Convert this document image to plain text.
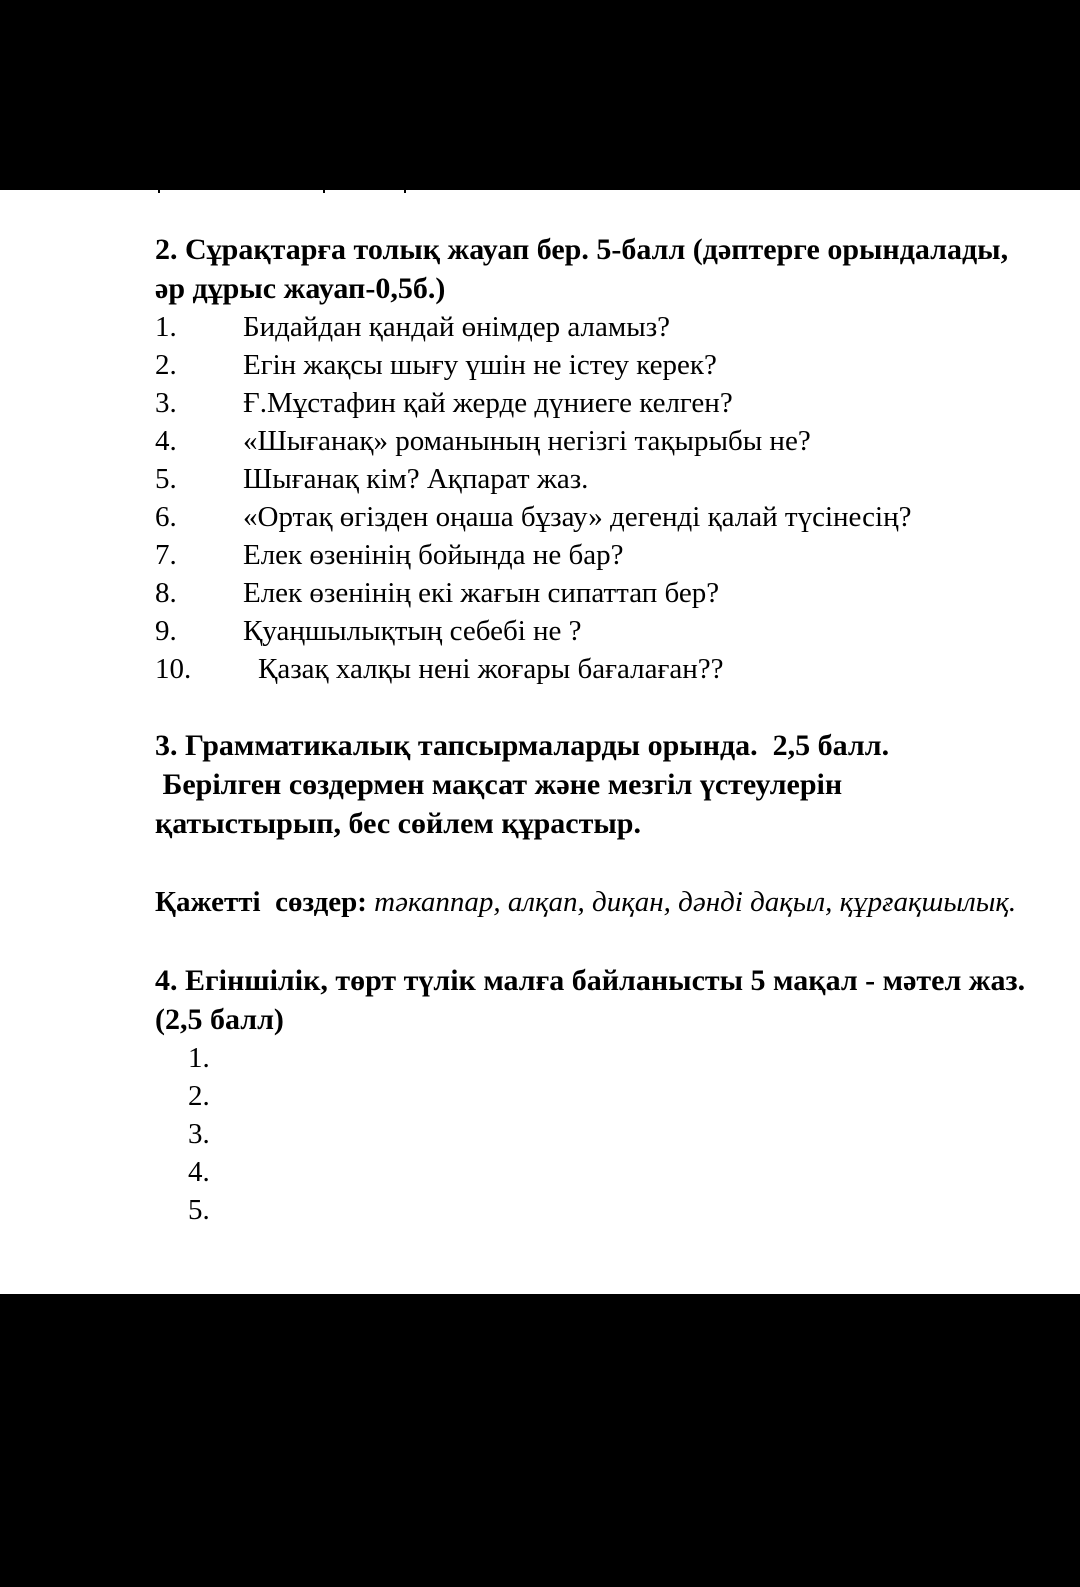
2. Сұрақтарға толық жауап бер. 5-балл (дәптерге орындалады, әр дұрыс жауап-0,5б.)

1.	Бидайдан қандай өнімдер аламыз?
2.	Егін жақсы шығу үшін не істеу керек?
3.	Ғ.Мұстафин қай жерде дүниеге келген?
4.	«Шығанақ» романының негізгі тақырыбы не?
5.	Шығанақ кім? Ақпарат жаз.
6.	«Ортақ өгізден оңаша бұзау» дегенді қалай түсінесің?
7.	Елек өзенінің бойында не бар?
8.	Елек өзенінің екі жағын сипаттап бер?
9.	Қуаңшылықтың себебі не ?
10.	Қазақ халқы нені жоғары бағалаған??

3. Грамматикалық тапсырмаларды орында.  2,5 балл.

Берілген сөздермен мақсат және мезгіл үстеулерін

қатыстырып, бес сөйлем құрастыр.

Қажетті  сөздер: тәкаппар, алқап, диқан, дәнді дақыл, құрғақшылық.

4. Егіншілік, төрт түлік малға байланысты 5 мақал - мәтел жаз.  (2,5 балл)

1.
2.
3.
4.
5.
